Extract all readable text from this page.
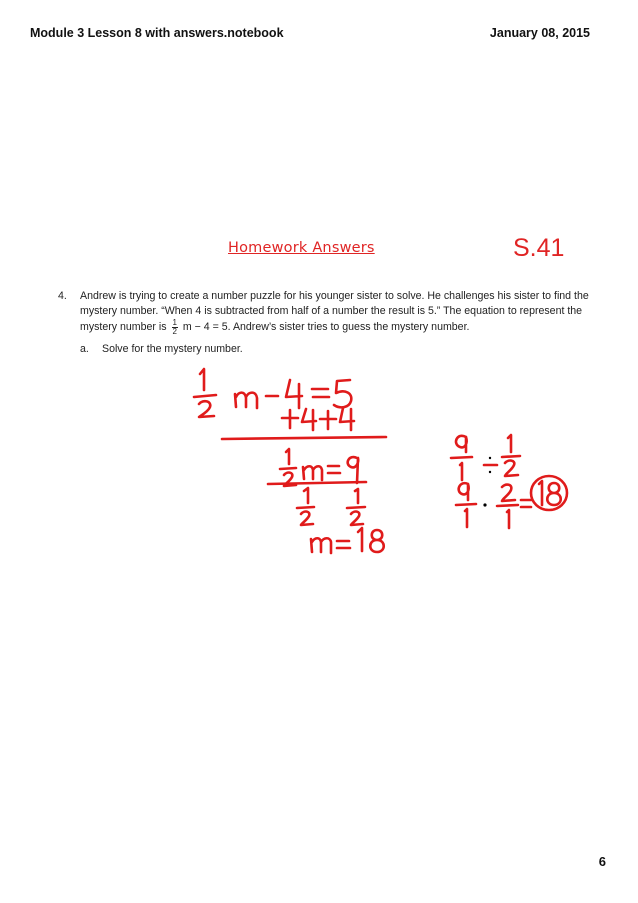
Module 3 Lesson 8 with answers.notebook	January 08, 2015
Homework Answers	S.41
4. Andrew is trying to create a number puzzle for his younger sister to solve. He challenges his sister to find the
mystery number. “When 4 is subtracted from half of a number the result is 5.” The equation to represent the
mystery number is $\frac{1}{2}$ m − 4 = 5. Andrew’s sister tries to guess the mystery number.
a. Solve for the mystery number.
6
